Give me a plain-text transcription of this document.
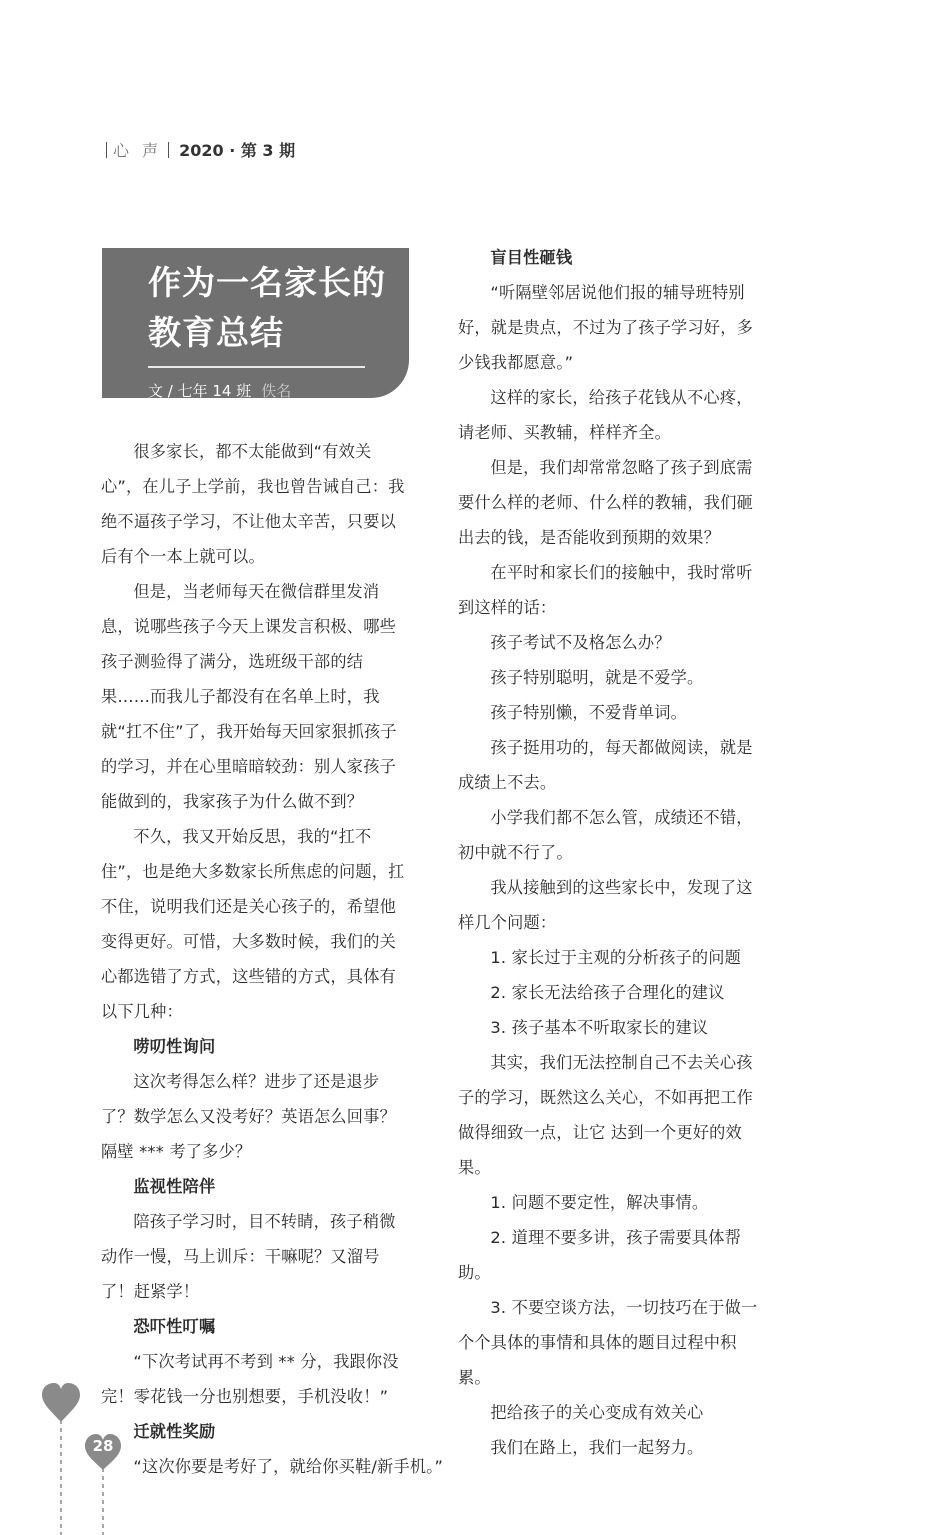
心 声 2020 · 第 3 期
作为一名家长的
教育总结
文 / 七年 14 班 佚名

很多家长，都不太能做到“有效关心”，在儿子上学前，我也曾告诫自己：我绝不逼孩子学习，不让他太辛苦，只要以后有个一本上就可以。

但是，当老师每天在微信群里发消息，说哪些孩子今天上课发言积极、哪些孩子测验得了满分，选班级干部的结果……而我儿子都没有在名单上时，我就“扛不住”了，我开始每天回家狠抓孩子的学习，并在心里暗暗较劲：别人家孩子能做到的，我家孩子为什么做不到？

不久，我又开始反思，我的“扛不住”，也是绝大多数家长所焦虑的问题，扛不住，说明我们还是关心孩子的，希望他变得更好。可惜，大多数时候，我们的关心都选错了方式，这些错的方式，具体有以下几种：

唠叨性询问

这次考得怎么样？进步了还是退步了？数学怎么又没考好？英语怎么回事？隔壁 *** 考了多少？

监视性陪伴

陪孩子学习时，目不转睛，孩子稍微动作一慢，马上训斥：干嘛呢？又溜号了！赶紧学！

恐吓性叮嘱

“下次考试再不考到 ** 分，我跟你没完！零花钱一分也别想要，手机没收！”

迁就性奖励

“这次你要是考好了，就给你买鞋/新手机。”

盲目性砸钱

“听隔壁邻居说他们报的辅导班特别好，就是贵点，不过为了孩子学习好，多少钱我都愿意。”

这样的家长，给孩子花钱从不心疼，请老师、买教辅，样样齐全。

但是，我们却常常忽略了孩子到底需要什么样的老师、什么样的教辅，我们砸出去的钱，是否能收到预期的效果？

在平时和家长们的接触中，我时常听到这样的话：

孩子考试不及格怎么办？

孩子特别聪明，就是不爱学。

孩子特别懒，不爱背单词。

孩子挺用功的，每天都做阅读，就是成绩上不去。

小学我们都不怎么管，成绩还不错，初中就不行了。

我从接触到的这些家长中，发现了这样几个问题：

1. 家长过于主观的分析孩子的问题

2. 家长无法给孩子合理化的建议

3. 孩子基本不听取家长的建议

其实，我们无法控制自己不去关心孩子的学习，既然这么关心，不如再把工作做得细致一点，让它 达到一个更好的效果。

1. 问题不要定性，解决事情。

2. 道理不要多讲，孩子需要具体帮助。

3. 不要空谈方法，一切技巧在于做一个个具体的事情和具体的题目过程中积累。

把给孩子的关心变成有效关心

我们在路上，我们一起努力。

28
